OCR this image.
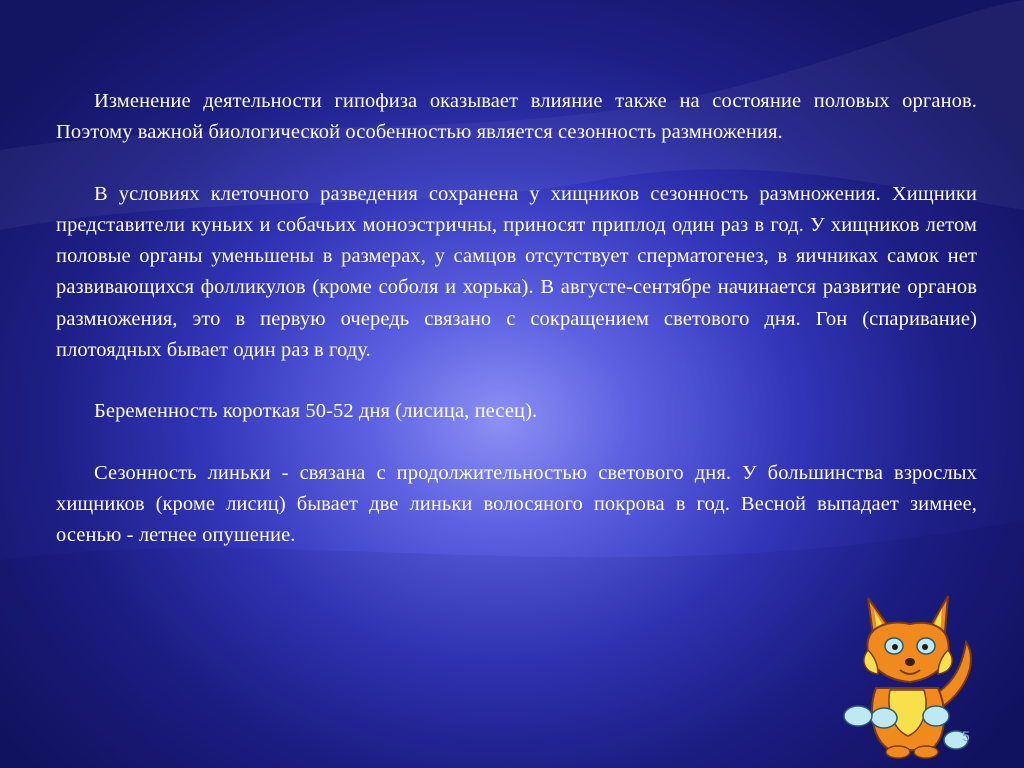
Изменение деятельности гипофиза оказывает влияние также на состояние половых органов. Поэтому важной биологической особенностью является сезонность размножения.

В условиях клеточного разведения сохранена у хищников сезонность размножения. Хищники представители куньих и собачьих моноэстричны, приносят приплод один раз в год. У хищников летом половые органы уменьшены в размерах, у самцов отсутствует сперматогенез, в яичниках самок нет развивающихся фолликулов (кроме соболя и хорька). В августе-сентябре начинается развитие органов размножения, это в первую очередь связано с сокращением светового дня. Гон (спаривание) плотоядных бывает один раз в году.

Беременность короткая 50-52 дня (лисица, песец).

Сезонность линьки - связана с продолжительностью светового дня. У большинства взрослых хищников (кроме лисиц) бывает две линьки волосяного покрова в год. Весной выпадает зимнее, осенью - летнее опушение.

5
